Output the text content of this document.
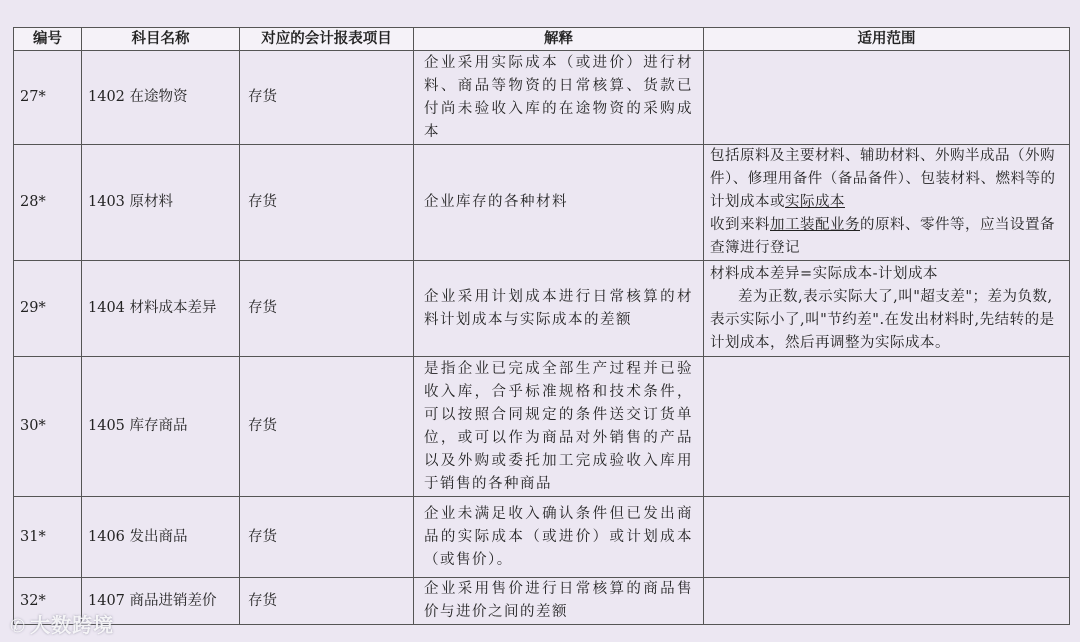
编号	科目名称	对应的会计报表项目	解释	适用范围
27*	1402 在途物资	存货	企业采用实际成本（或进价）进行材料、商品等物资的日常核算、货款已付尚未验收入库的在途物资的采购成本	
28*	1403 原材料	存货	企业库存的各种材料	包括原料及主要材料、辅助材料、外购半成品（外购件）、修理用备件（备品备件）、包装材料、燃料等的计划成本或实际成本
收到来料加工装配业务的原料、零件等，应当设置备查簿进行登记

29*	1404 材料成本差异	存货	企业采用计划成本进行日常核算的材料计划成本与实际成本的差额	材料成本差异=实际成本-计划成本
差为正数,表示实际大了,叫"超支差"；差为负数,表示实际小了,叫"节约差".在发出材料时,先结转的是计划成本，然后再调整为实际成本。

30*	1405 库存商品	存货	是指企业已完成全部生产过程并已验收入库，合乎标准规格和技术条件，可以按照合同规定的条件送交订货单位，或可以作为商品对外销售的产品以及外购或委托加工完成验收入库用于销售的各种商品	
31*	1406 发出商品	存货	企业未满足收入确认条件但已发出商品的实际成本（或进价）或计划成本（或售价）。	
32*	1407 商品进销差价	存货	企业采用售价进行日常核算的商品售价与进价之间的差额	
✆ 大数跨境
